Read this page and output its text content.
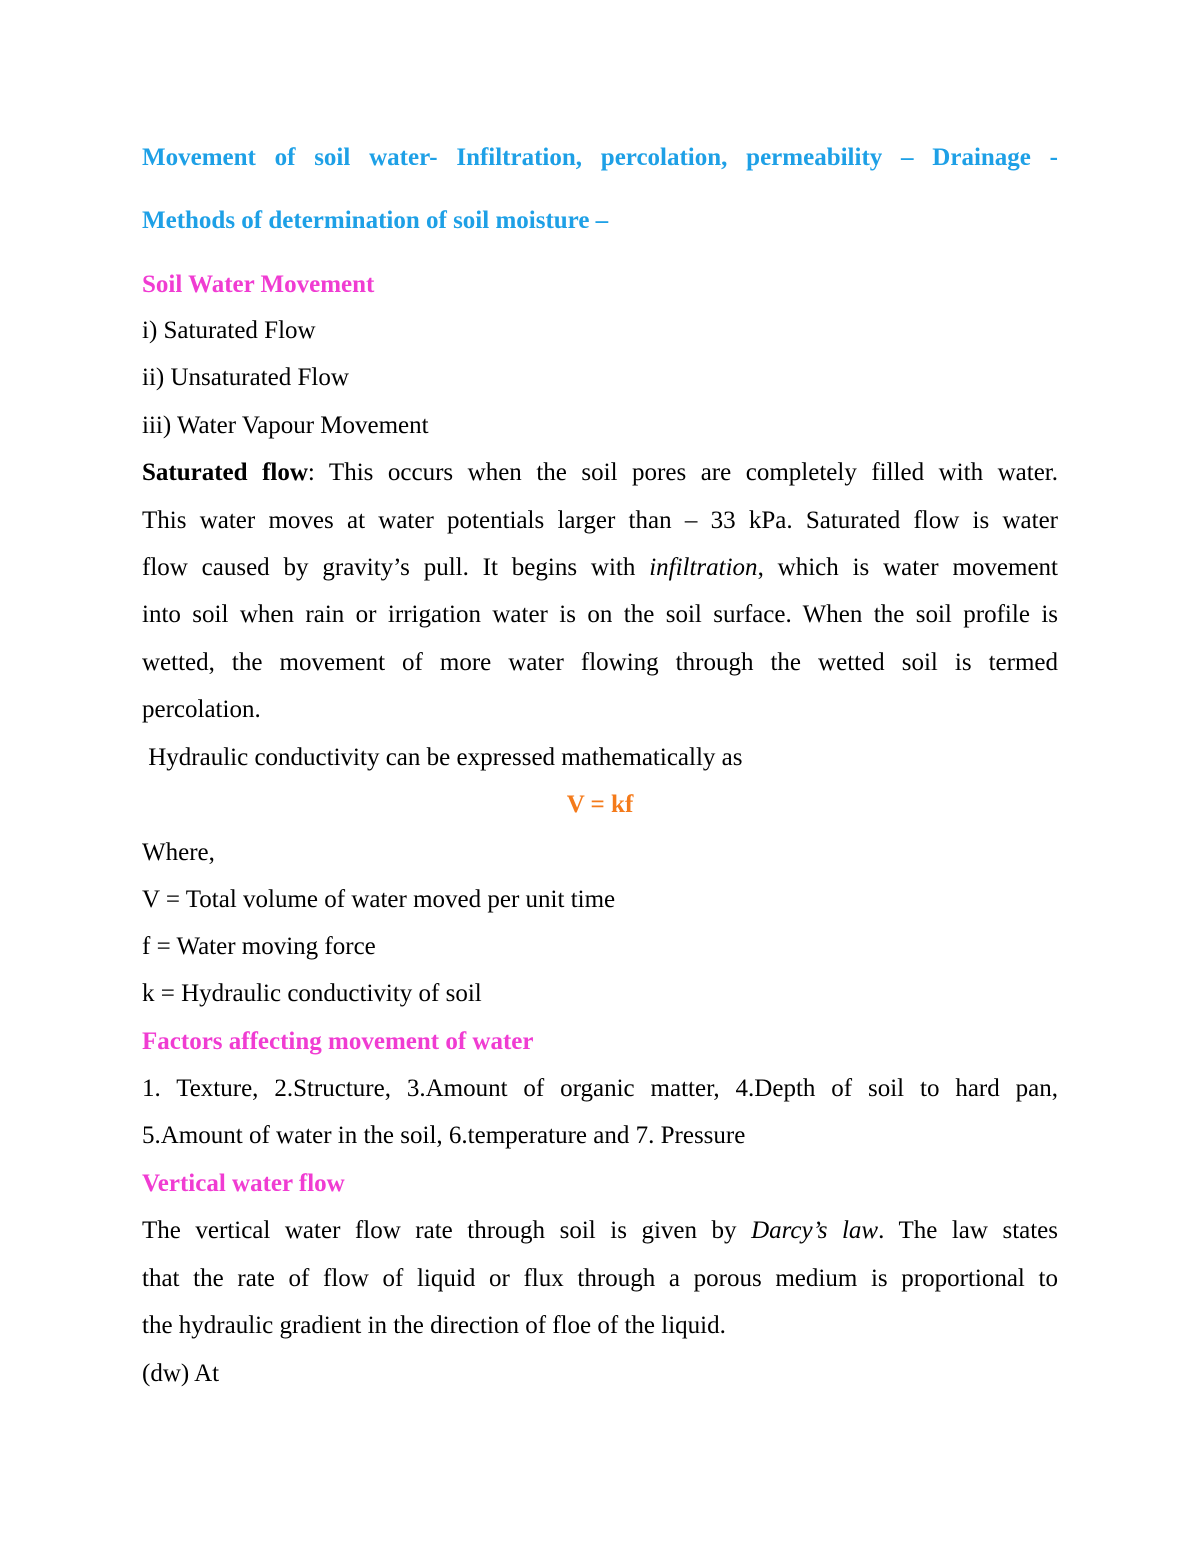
Movement of soil water- Infiltration, percolation, permeability – Drainage -
Methods of determination of soil moisture –
Soil Water Movement
i) Saturated Flow
ii) Unsaturated Flow
iii) Water Vapour Movement
Saturated flow: This occurs when the soil pores are completely filled with water.
This water moves at water potentials larger than – 33 kPa. Saturated flow is water
flow caused by gravity’s pull. It begins with infiltration, which is water movement
into soil when rain or irrigation water is on the soil surface. When the soil profile is
wetted, the movement of more water flowing through the wetted soil is termed
percolation.
Hydraulic conductivity can be expressed mathematically as
V = kf
Where,
V = Total volume of water moved per unit time
f = Water moving force
k = Hydraulic conductivity of soil
Factors affecting movement of water
1. Texture, 2.Structure, 3.Amount of organic matter, 4.Depth of soil to hard pan,
5.Amount of water in the soil, 6.temperature and 7. Pressure
Vertical water flow
The vertical water flow rate through soil is given by Darcy’s law. The law states
that the rate of flow of liquid or flux through a porous medium is proportional to
the hydraulic gradient in the direction of floe of the liquid.
(dw) At
